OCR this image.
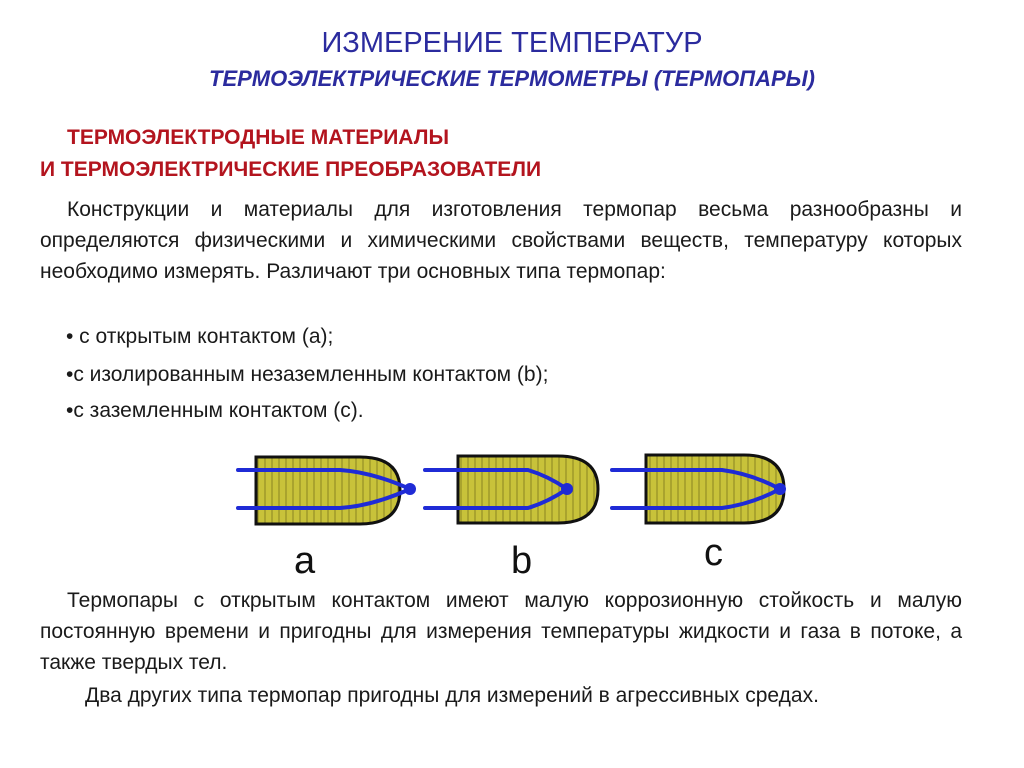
ИЗМЕРЕНИЕ ТЕМПЕРАТУР
ТЕРМОЭЛЕКТРИЧЕСКИЕ ТЕРМОМЕТРЫ (ТЕРМОПАРЫ)
ТЕРМОЭЛЕКТРОДНЫЕ МАТЕРИАЛЫ
И ТЕРМОЭЛЕКТРИЧЕСКИЕ ПРЕОБРАЗОВАТЕЛИ
Конструкции и материалы для изготовления термопар весьма разнообразны и определяются физическими и химическими свойствами веществ, температуру которых необходимо измерять. Различают три основных типа термопар:
• с открытым контактом (а);
•с изолированным незаземленным контактом (b);
•с заземленным контактом (с).
a	b	c
Термопары с открытым контактом имеют малую коррозионную стойкость и малую постоянную времени и пригодны для измерения температуры жидкости и газа в потоке, а также твердых тел.
Два других типа термопар пригодны для измерений в агрессивных средах.
